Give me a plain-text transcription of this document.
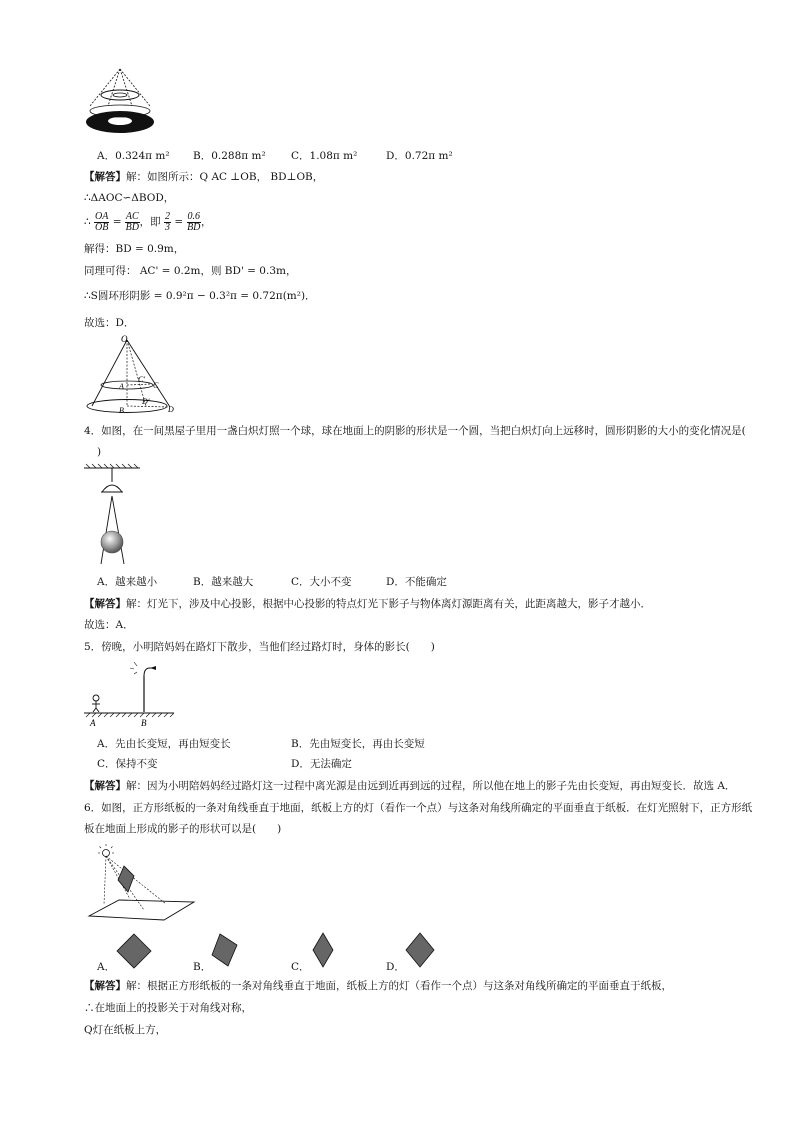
A．0.324π m² B．0.288π m² C．1.08π m²	D．0.72π m²
【解答】解：如图所示：Q AC ⊥OB， BD⊥OB，
∴ΔAOC∽ΔBOD，
∴ $\frac{OA}{OB} = \frac{AC}{BD}$ ，即 $\frac{2}{3} = \frac{0.6}{BD}$ ，
解得：BD = 0.9m，
同理可得： AC' = 0.2m，则 BD' = 0.3m，
∴S圆环形阴影 = 0.9²π − 0.3²π = 0.72π(m²)．
故选：D．
O
A
C'
C
D'
B	D
4．如图，在一间黑屋子里用一盏白炽灯照一个球，球在地面上的阴影的形状是一个圆，当把白炽灯向上远移时，圆形阴影的大小的变化情况是(
)
A．越来越小	B．越来越大	C．大小不变	D．不能确定
【解答】解：灯光下，涉及中心投影，根据中心投影的特点灯光下影子与物体离灯源距离有关，此距离越大，影子才越小．
故选：A．
5．傍晚，小明陪妈妈在路灯下散步，当他们经过路灯时，身体的影长(　　)
A	B
A．先由长变短，再由短变长	B．先由短变长，再由长变短
C．保持不变	D．无法确定
【解答】解：因为小明陪妈妈经过路灯这一过程中离光源是由远到近再到远的过程，所以他在地上的影子先由长变短，再由短变长．故选 A．
6．如图，正方形纸板的一条对角线垂直于地面，纸板上方的灯（看作一个点）与这条对角线所确定的平面垂直于纸板．在灯光照射下，正方形纸
板在地面上形成的影子的形状可以是(　　)
A．	B．	C．	D．
【解答】解：根据正方形纸板的一条对角线垂直于地面，纸板上方的灯（看作一个点）与这条对角线所确定的平面垂直于纸板，
∴在地面上的投影关于对角线对称，
Q灯在纸板上方，
